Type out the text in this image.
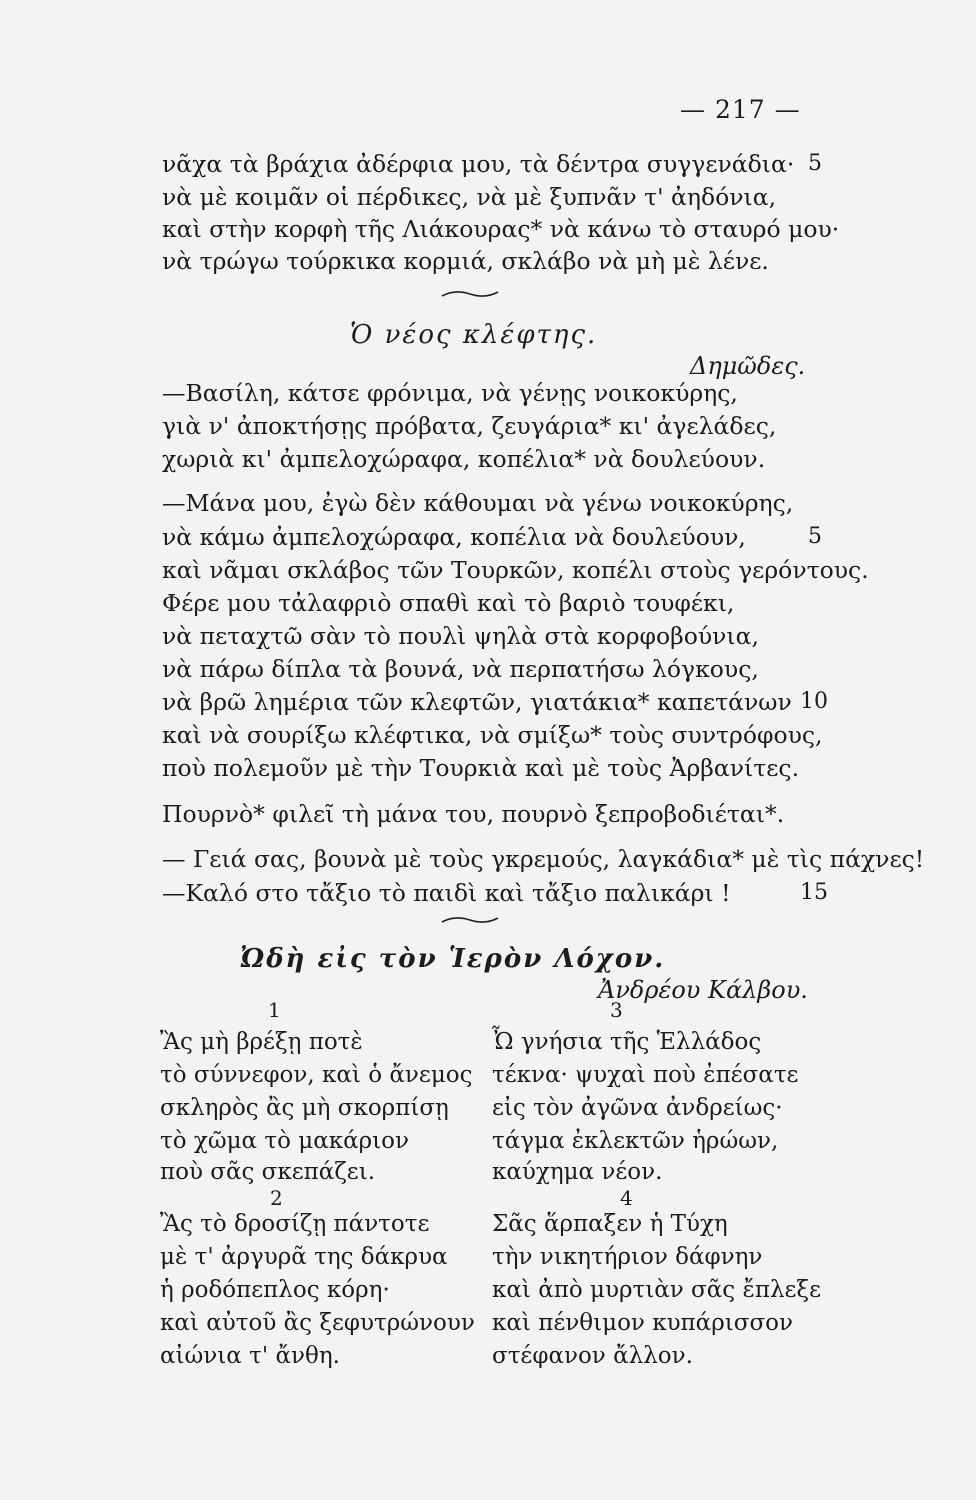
— 217 —
νᾶχα τὰ βράχια ἀδέρφια μου, τὰ δέντρα συγγενάδια· 5
νὰ μὲ κοιμᾶν οἱ πέρδικες, νὰ μὲ ξυπνᾶν τ' ἀηδόνια,
καὶ στὴν κορφὴ τῆς Λιάκουρας* νὰ κάνω τὸ σταυρό μου·
νὰ τρώγω τούρκικα κορμιά, σκλάβο νὰ μὴ μὲ λένε.
Ὁ νέος κλέφτης.
Δημῶδες.
—Βασίλη, κάτσε φρόνιμα, νὰ γένῃς νοικοκύρης,
γιὰ ν' ἀποκτήσῃς πρόβατα, ζευγάρια* κι' ἀγελάδες,
χωριὰ κι' ἀμπελοχώραφα, κοπέλια* νὰ δουλεύουν.
—Μάνα μου, ἐγὼ δὲν κάθουμαι νὰ γένω νοικοκύρης,
νὰ κάμω ἀμπελοχώραφα, κοπέλια νὰ δουλεύουν,	5
καὶ νᾶμαι σκλάβος τῶν Τουρκῶν, κοπέλι στοὺς γερόντους.
Φέρε μου τἀλαφριὸ σπαθὶ καὶ τὸ βαριὸ τουφέκι,
νὰ πεταχτῶ σὰν τὸ πουλὶ ψηλὰ στὰ κορφοβούνια,
νὰ πάρω δίπλα τὰ βουνά, νὰ περπατήσω λόγκους,
νὰ βρῶ λημέρια τῶν κλεφτῶν, γιατάκια* καπετάνων 10
καὶ νὰ σουρίξω κλέφτικα, νὰ σμίξω* τοὺς συντρόφους,
ποὺ πολεμοῦν μὲ τὴν Τουρκιὰ καὶ μὲ τοὺς Ἀρβανίτες.
Πουρνὸ* φιλεῖ τὴ μάνα του, πουρνὸ ξεπροβοδιέται*.
— Γειά σας, βουνὰ μὲ τοὺς γκρεμούς, λαγκάδια* μὲ τὶς πάχνες!
—Καλό στο τἄξιο τὸ παιδὶ καὶ τἄξιο παλικάρι !	15
Ὠδὴ εἰς τὸν Ἱερὸν Λόχον.
Ἀνδρέου Κάλβου.
1
Ἂς μὴ βρέξῃ ποτὲ
τὸ σύννεφον, καὶ ὁ ἄνεμος
σκληρὸς ἂς μὴ σκορπίσῃ
τὸ χῶμα τὸ μακάριον
ποὺ σᾶς σκεπάζει.
2
Ἂς τὸ δροσίζῃ πάντοτε
μὲ τ' ἀργυρᾶ της δάκρυα
ἡ ροδόπεπλος κόρη·
καὶ αὐτοῦ ἂς ξεφυτρώνουν
αἰώνια τ' ἄνθη.
3
Ὦ γνήσια τῆς Ἑλλάδος
τέκνα· ψυχαὶ ποὺ ἐπέσατε
εἰς τὸν ἀγῶνα ἀνδρείως·
τάγμα ἐκλεκτῶν ἡρώων,
καύχημα νέον.
4
Σᾶς ἅρπαξεν ἡ Τύχη
τὴν νικητήριον δάφνην
καὶ ἀπὸ μυρτιὰν σᾶς ἔπλεξε
καὶ πένθιμον κυπάρισσον
στέφανον ἄλλον.
